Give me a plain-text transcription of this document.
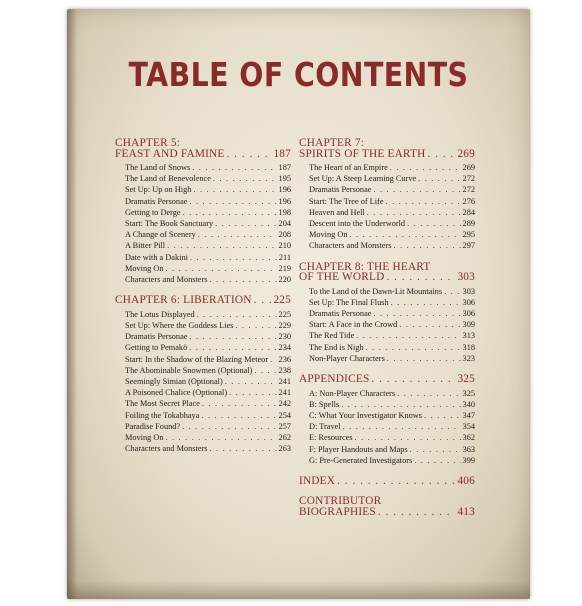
TABLE OF CONTENTS
CHAPTER 5:
FEAST AND FAMINE . . .	187
The Land of Snows . . .	187
The Land of Benevolence . . .	195
Set Up: Up on High . . .	196
Dramatis Personae . . .	196
Getting to Derge . . .	198
Start: The Book Sanctuary . . .	204
A Change of Scenery . . .	208
A Bitter Pill . . .	210
Date with a Dakini . . .	211
Moving On . . .	219
Characters and Monsters . . .	220
CHAPTER 6: LIBERATION . . . 225
The Lotus Displayed . . .	225
Set Up: Where the Goddess Lies . . .	229
Dramatis Personae . . .	230
Getting to Pemakö . . .	234
Start: In the Shadow of the Blazing Meteor . . . 236
The Abominable Snowmen (Optional) . . .	238
Seemingly Simian (Optional) . . .	241
A Poisoned Chalice (Optional) . . .	241
The Most Secret Place . . .	242
Foiling the Tokabhaya . . .	254
Paradise Found? . . .	257
Moving On . . .	262
Characters and Monsters . . .	263
CHAPTER 7:
SPIRITS OF THE EARTH . . .	269
The Heart of an Empire . . .	269
Set Up: A Steep Learning Curve . . .	272
Dramatis Personae . . .	272
Start: The Tree of Life . . .	276
Heaven and Hell . . .	284
Descent into the Underworld . . .	289
Moving On . . .	295
Characters and Monsters . . .	297
CHAPTER 8: THE HEART
OF THE WORLD . . .	303
To the Land of the Dawn-Lit Mountains . . . 303
Set Up: The Final Flush . . .	306
Dramatis Personae . . .	306
Start: A Face in the Crowd . . .	309
The Red Tide . . .	313
The End is Nigh . . .	318
Non-Player Characters . . .	323
APPENDICES . . .	325
A: Non-Player Characters . . .	325
B: Spells . . .	340
C: What Your Investigator Knows . . .	347
D: Travel . . .	354
E: Resources . . .	362
F: Player Handouts and Maps . . .	363
G: Pre-Generated Investigators . . .	399
INDEX . . .	406
CONTRIBUTOR
BIOGRAPHIES . . .	413
